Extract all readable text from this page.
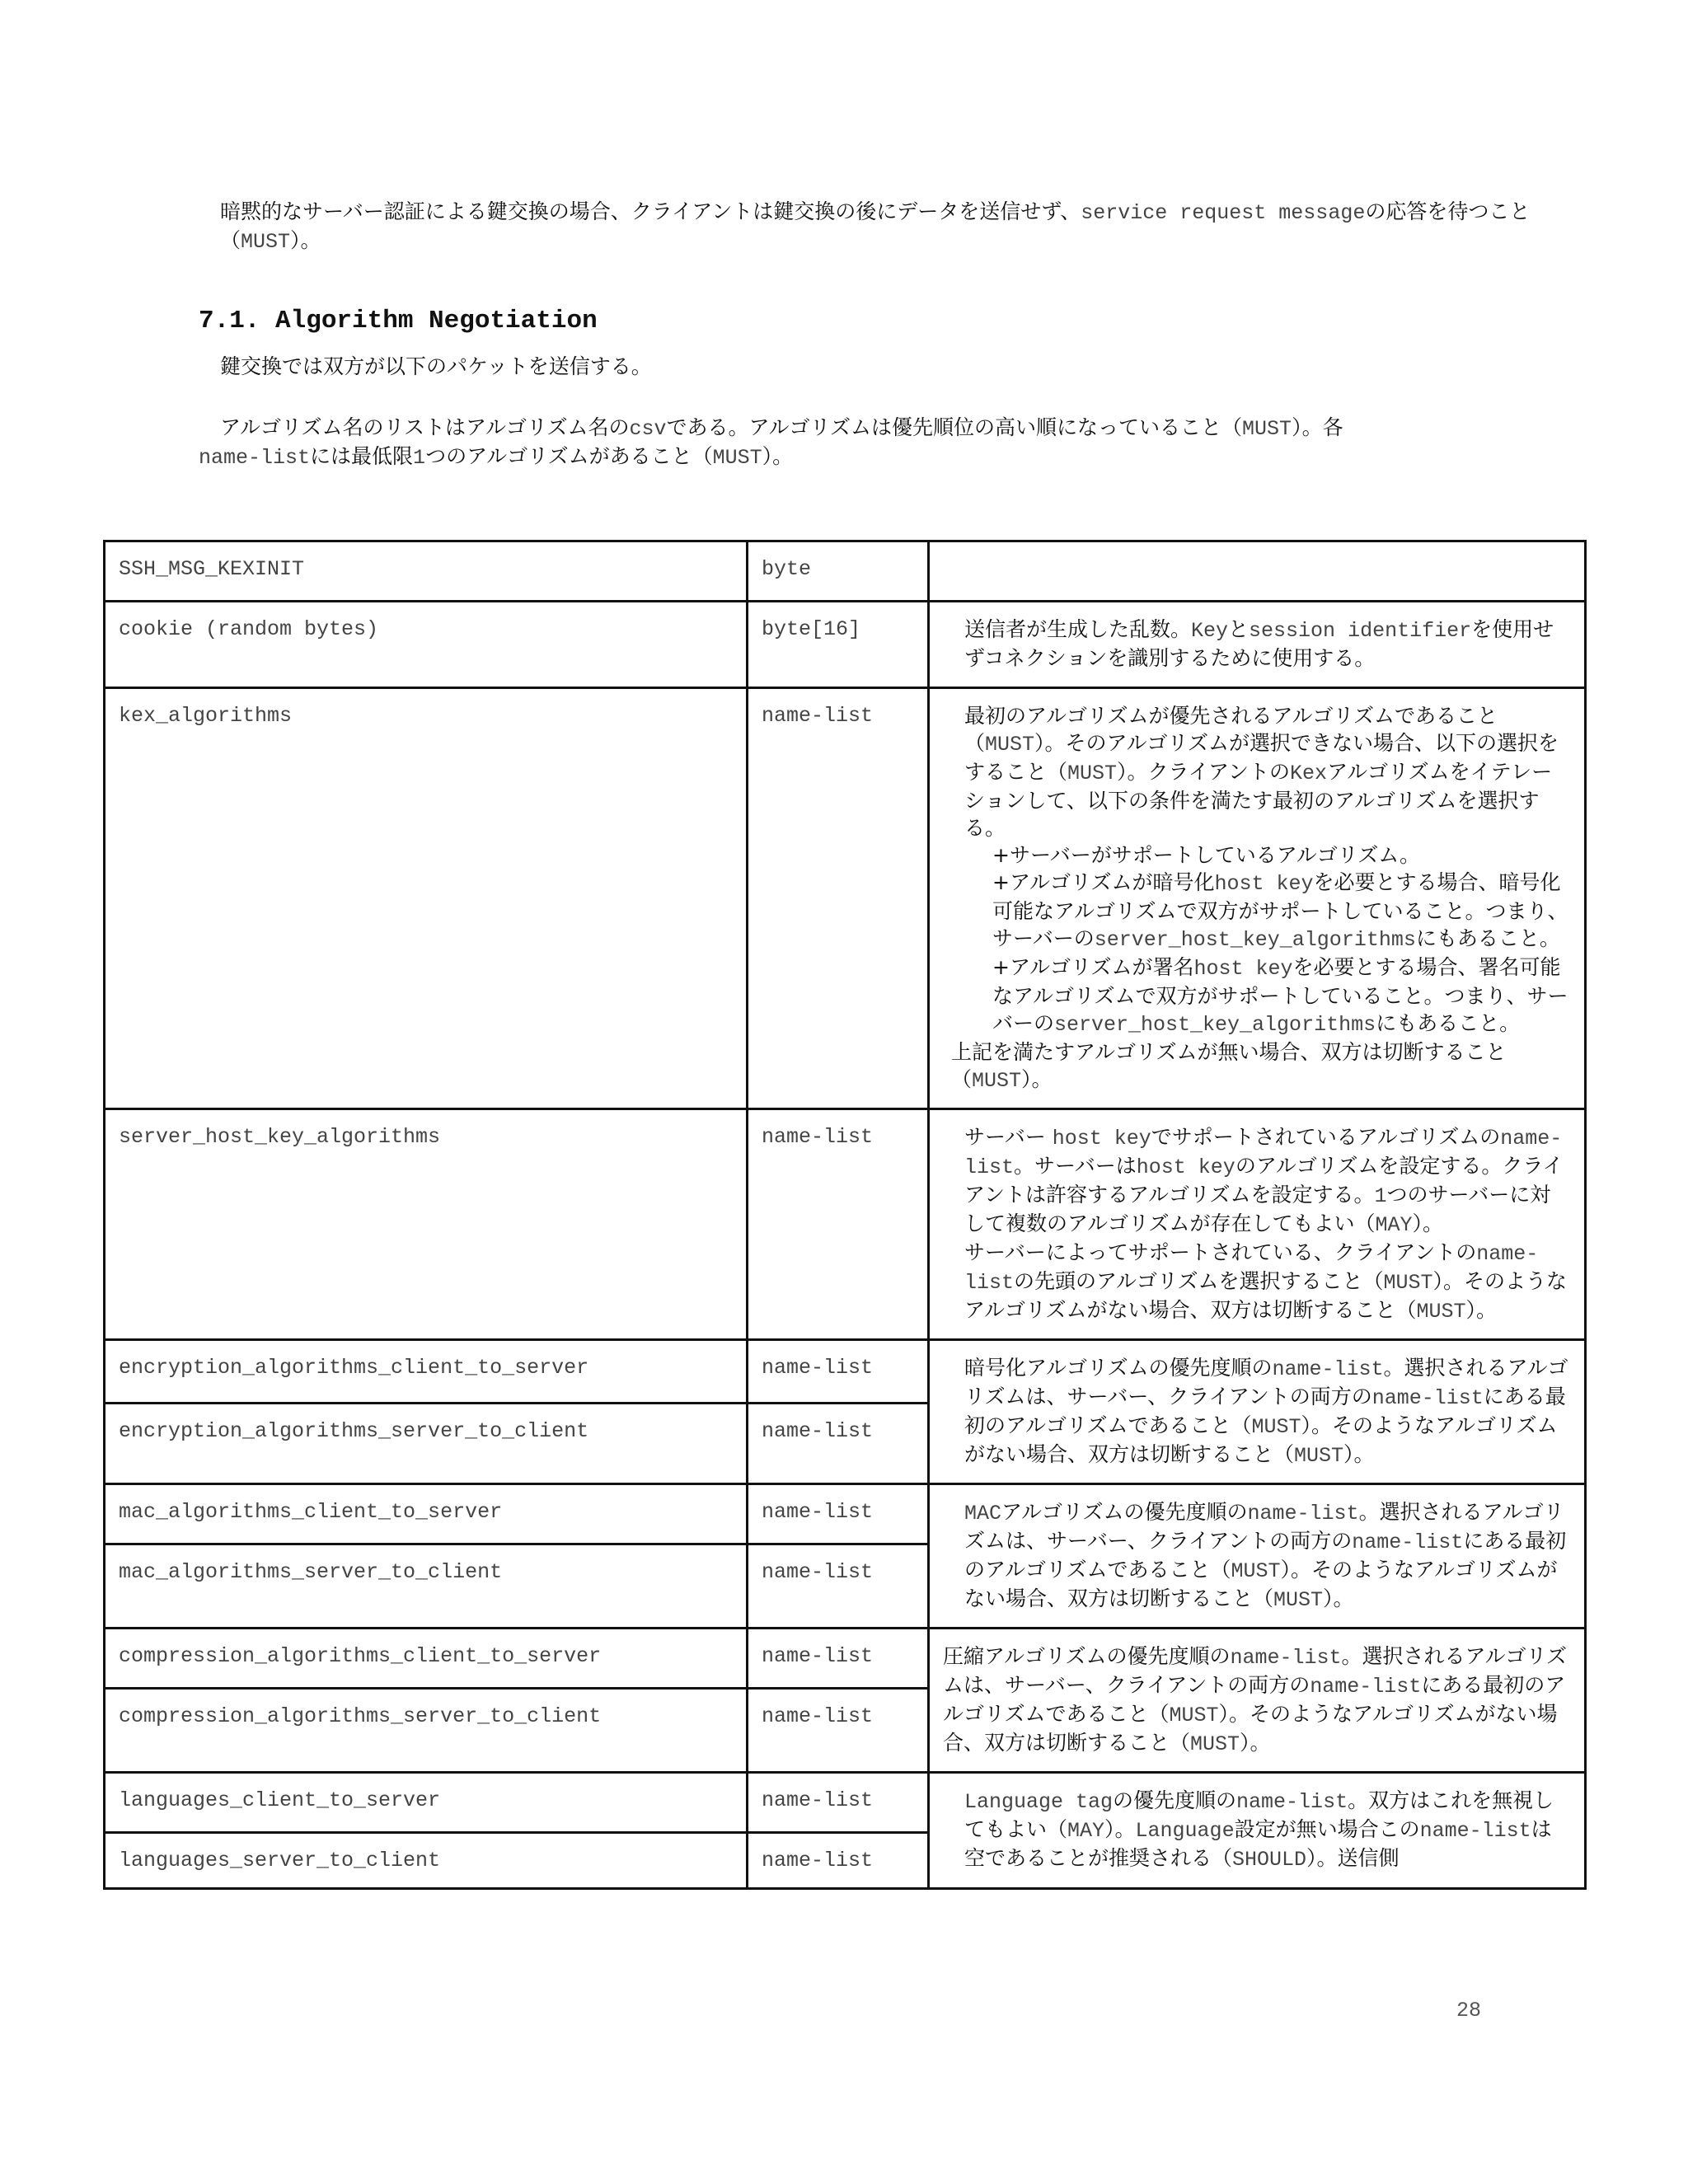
暗黙的なサーバー認証による鍵交換の場合、クライアントは鍵交換の後にデータを送信せず、service request messageの応答を待つこと（MUST）。

7.1. Algorithm Negotiation

鍵交換では双方が以下のパケットを送信する。

アルゴリズム名のリストはアルゴリズム名のcsvである。アルゴリズムは優先順位の高い順になっていること（MUST）。各
name-listには最低限1つのアルゴリズムがあること（MUST）。

SSH_MSG_KEXINIT	byte	
cookie (random bytes)	byte[16]	送信者が生成した乱数。Keyとsession identifierを使用せずコネクションを識別するために使用する。

kex_algorithms	name-list	最初のアルゴリズムが優先されるアルゴリズムであること（MUST）。そのアルゴリズムが選択できない場合、以下の選択をすること（MUST）。クライアントのKexアルゴリズムをイテレーションして、以下の条件を満たす最初のアルゴリズムを選択する。
+サーバーがサポートしているアルゴリズム。
+アルゴリズムが暗号化host keyを必要とする場合、暗号化可能なアルゴリズムで双方がサポートしていること。つまり、サーバーのserver_host_key_algorithmsにもあること。
+アルゴリズムが署名host keyを必要とする場合、署名可能なアルゴリズムで双方がサポートしていること。つまり、サーバーのserver_host_key_algorithmsにもあること。
上記を満たすアルゴリズムが無い場合、双方は切断すること（MUST）。

server_host_key_algorithms	name-list	サーバー host keyでサポートされているアルゴリズムのname-list。サーバーはhost keyのアルゴリズムを設定する。クライアントは許容するアルゴリズムを設定する。1つのサーバーに対して複数のアルゴリズムが存在してもよい（MAY）。
サーバーによってサポートされている、クライアントのname-listの先頭のアルゴリズムを選択すること（MUST）。そのようなアルゴリズムがない場合、双方は切断すること（MUST）。

encryption_algorithms_client_to_server	name-list	暗号化アルゴリズムの優先度順のname-list。選択されるアルゴリズムは、サーバー、クライアントの両方のname-listにある最初のアルゴリズムであること（MUST）。そのようなアルゴリズムがない場合、双方は切断すること（MUST）。

encryption_algorithms_server_to_client	name-list	
mac_algorithms_client_to_server	name-list	MACアルゴリズムの優先度順のname-list。選択されるアルゴリズムは、サーバー、クライアントの両方のname-listにある最初のアルゴリズムであること（MUST）。そのようなアルゴリズムがない場合、双方は切断すること（MUST）。

mac_algorithms_server_to_client	name-list	
compression_algorithms_client_to_server	name-list	圧縮アルゴリズムの優先度順のname-list。選択されるアルゴリズムは、サーバー、クライアントの両方のname-listにある最初のアルゴリズムであること（MUST）。そのようなアルゴリズムがない場合、双方は切断すること（MUST）。

compression_algorithms_server_to_client	name-list	
languages_client_to_server	name-list	Language tagの優先度順のname-list。双方はこれを無視してもよい（MAY）。Language設定が無い場合このname-listは空であることが推奨される（SHOULD）。送信側

languages_server_to_client	name-list	
28
